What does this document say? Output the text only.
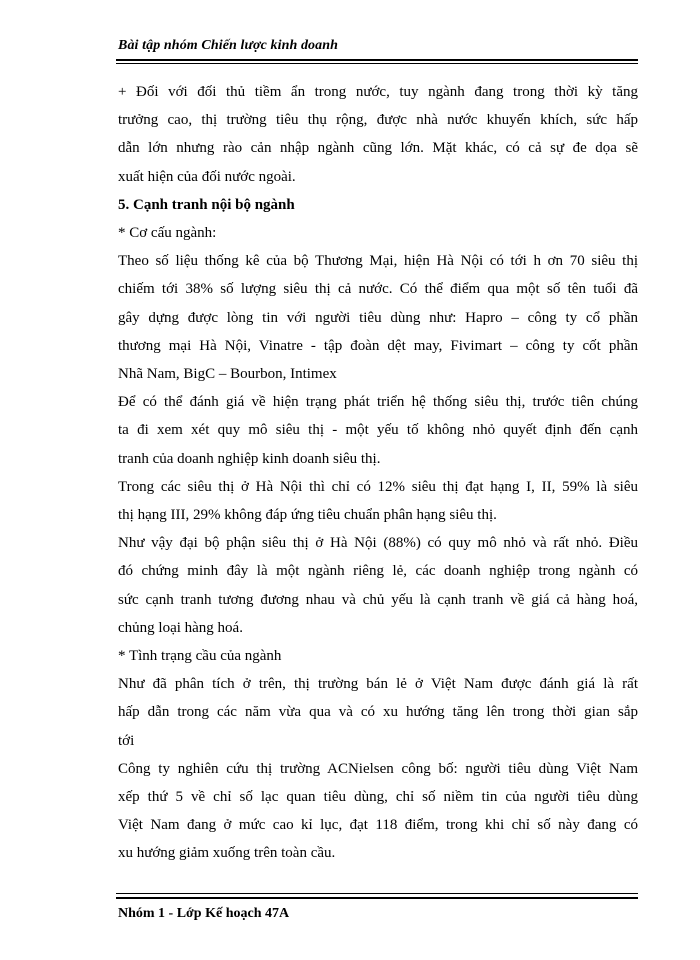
Bài tập nhóm Chiến lược kinh doanh
+ Đối với đối thủ tiềm ẩn trong nước, tuy ngành đang trong thời kỳ tăng
trưởng cao, thị trường tiêu thụ rộng, được nhà nước khuyến khích, sức hấp
dẫn lớn nhưng rào cản nhập ngành cũng lớn. Mặt khác, có cả sự đe dọa sẽ
xuất hiện của đối nước ngoài.
5. Cạnh tranh nội bộ ngành
* Cơ cấu ngành:
Theo số liệu thống kê của bộ Thương Mại, hiện Hà Nội có tới h ơn 70 siêu thị
chiếm tới 38% số lượng siêu thị cả nước. Có thể điểm qua một số tên tuổi đã
gây dựng được lòng tin với người tiêu dùng như: Hapro – công ty cổ phần
thương mại Hà Nội, Vinatre - tập đoàn dệt may, Fivimart – công ty cốt phần
Nhã Nam, BigC – Bourbon, Intimex
Để có thể đánh giá về hiện trạng phát triển hệ thống siêu thị, trước tiên chúng
ta đi xem xét quy mô siêu thị - một yếu tố không nhỏ quyết định đến cạnh
tranh của doanh nghiệp kinh doanh siêu thị.
Trong các siêu thị ở Hà Nội thì chỉ có 12% siêu thị đạt hạng I, II, 59% là siêu
thị hạng III, 29% không đáp ứng tiêu chuẩn phân hạng siêu thị.
Như vậy đại bộ phận siêu thị ở Hà Nội (88%) có quy mô nhỏ và rất nhỏ. Điều
đó chứng minh đây là một ngành riêng lẻ, các doanh nghiệp trong ngành có
sức cạnh tranh tương đương nhau và chủ yếu là cạnh tranh về giá cả hàng hoá,
chủng loại hàng hoá.
* Tình trạng cầu của ngành
Như đã phân tích ở trên, thị trường bán lẻ ở Việt Nam được đánh giá là rất
hấp dẫn trong các năm vừa qua và có xu hướng tăng lên trong thời gian sắp
tới
Công ty nghiên cứu thị trường ACNielsen công bố: người tiêu dùng Việt Nam
xếp thứ 5 về chỉ số lạc quan tiêu dùng, chỉ số niềm tin của người tiêu dùng
Việt Nam đang ở mức cao kỉ lục, đạt 118 điểm, trong khi chỉ số này đang có
xu hướng giảm xuống trên toàn cầu.
Nhóm 1 - Lớp Kế hoạch 47A
